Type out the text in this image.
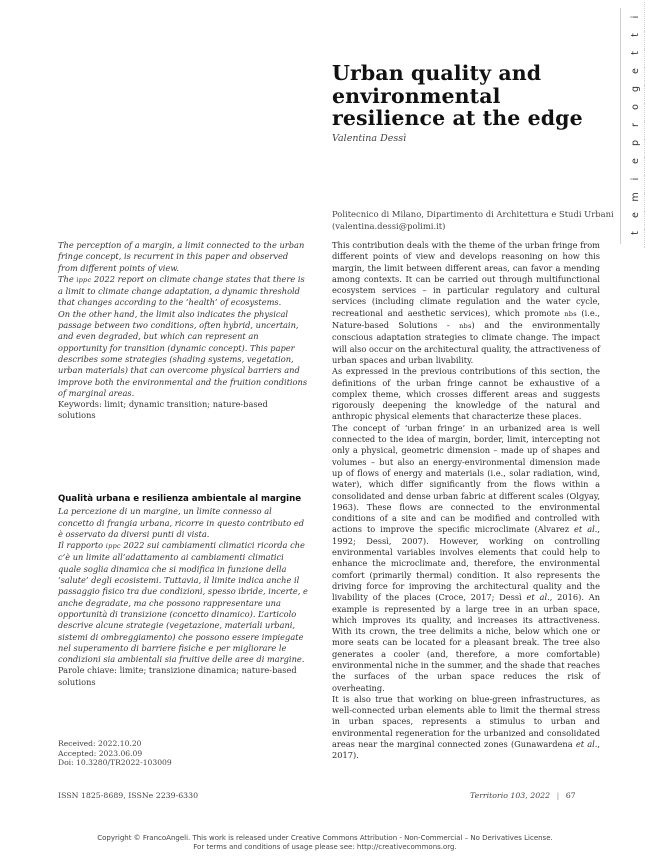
i
t
t
e
g
o
r
p
e
i
m
e
t
Urban quality and environmental resilience at the edge
Valentina Dessì
Politecnico di Milano, Dipartimento di Architettura e Studi Urbani (valentina.dessi@polimi.it)

The perception of a margin, a limit connected to the urban fringe concept, is recurrent in this paper and observed from different points of view.

The ippc 2022 report on climate change states that there is a limit to climate change adaptation, a dynamic threshold that changes according to the ‘health’ of ecosystems.

On the other hand, the limit also indicates the physical passage between two conditions, often hybrid, uncertain, and even degraded, but which can represent an opportunity for transition (dynamic concept). This paper describes some strategies (shading systems, vegetation, urban materials) that can overcome physical barriers and improve both the environmental and the fruition conditions of marginal areas.

Keywords: limit; dynamic transition; nature-based solutions

Qualità urbana e resilienza ambientale al margine

La percezione di un margine, un limite connesso al concetto di frangia urbana, ricorre in questo contributo ed è osservato da diversi punti di vista.

Il rapporto ippc 2022 sui cambiamenti climatici ricorda che c’è un limite all’adattamento ai cambiamenti climatici quale soglia dinamica che si modifica in funzione della ‘salute’ degli ecosistemi. Tuttavia, il limite indica anche il passaggio fisico tra due condizioni, spesso ibride, incerte, e anche degradate, ma che possono rappresentare una opportunità di transizione (concetto dinamico). L’articolo descrive alcune strategie (vegetazione, materiali urbani, sistemi di ombreggiamento) che possono essere impiegate nel superamento di barriere fisiche e per migliorare le condizioni sia ambientali sia fruitive delle aree di margine.

Parole chiave: limite; transizione dinamica; nature-based solutions

Received: 2022.10.20
Accepted: 2023.06.09
Doi: 10.3280/TR2022-103009

This contribution deals with the theme of the urban fringe from different points of view and develops reasoning on how this margin, the limit between different areas, can favor a mending among contexts. It can be carried out through multifunctional ecosystem services – in particular regulatory and cultural services (including climate regulation and the water cycle, recreational and aesthetic services), which promote nbs (i.e., Nature-based Solutions - nbs) and the environmentally conscious adaptation strategies to climate change. The impact will also occur on the architectural quality, the attractiveness of urban spaces and urban livability.

As expressed in the previous contributions of this section, the definitions of the urban fringe cannot be exhaustive of a complex theme, which crosses different areas and suggests rigorously deepening the knowledge of the natural and anthropic physical elements that characterize these places.

The concept of ‘urban fringe’ in an urbanized area is well connected to the idea of margin, border, limit, intercepting not only a physical, geometric dimension – made up of shapes and volumes – but also an energy-environmental dimension made up of flows of energy and materials (i.e., solar radiation, wind, water), which differ significantly from the flows within a consolidated and dense urban fabric at different scales (Olgyay, 1963). These flows are connected to the environmental conditions of a site and can be modified and controlled with actions to improve the specific microclimate (Alvarez et al., 1992; Dessì, 2007). However, working on controlling environmental variables involves elements that could help to enhance the microclimate and, therefore, the environmental comfort (primarily thermal) condition. It also represents the driving force for improving the architectural quality and the livability of the places (Croce, 2017; Dessì et al., 2016). An example is represented by a large tree in an urban space, which improves its quality, and increases its attractiveness. With its crown, the tree delimits a niche, below which one or more seats can be located for a pleasant break. The tree also generates a cooler (and, therefore, a more comfortable) environmental niche in the summer, and the shade that reaches the surfaces of the urban space reduces the risk of overheating.

It is also true that working on blue-green infrastructures, as well-connected urban elements able to limit the thermal stress in urban spaces, represents a stimulus to urban and environmental regeneration for the urbanized and consolidated areas near the marginal connected zones (Gunawardena et al., 2017).

ISSN 1825-8689, ISSNe 2239-6330	Territorio 103, 2022 | 67
Copyright © FrancoAngeli. This work is released under Creative Commons Attribution - Non-Commercial – No Derivatives License.
For terms and conditions of usage please see: http://creativecommons.org.
